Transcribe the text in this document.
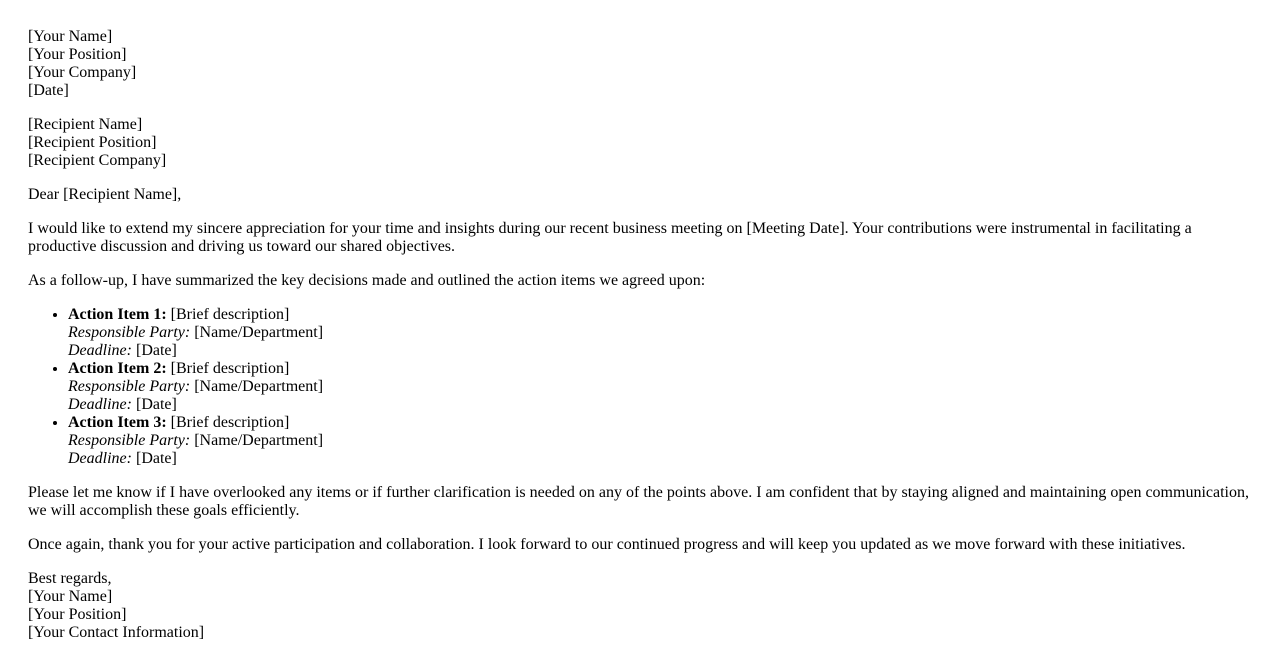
[Your Name]
[Your Position]
[Your Company]
[Date]

[Recipient Name]
[Recipient Position]
[Recipient Company]

Dear [Recipient Name],

I would like to extend my sincere appreciation for your time and insights during our recent business meeting on [Meeting Date]. Your contributions were instrumental in facilitating a productive discussion and driving us toward our shared objectives.

As a follow-up, I have summarized the key decisions made and outlined the action items we agreed upon:

• Action Item 1: [Brief description]
Responsible Party: [Name/Department]
Deadline: [Date]
• Action Item 2: [Brief description]
Responsible Party: [Name/Department]
Deadline: [Date]
• Action Item 3: [Brief description]
Responsible Party: [Name/Department]
Deadline: [Date]

Please let me know if I have overlooked any items or if further clarification is needed on any of the points above. I am confident that by staying aligned and maintaining open communication, we will accomplish these goals efficiently.

Once again, thank you for your active participation and collaboration. I look forward to our continued progress and will keep you updated as we move forward with these initiatives.

Best regards,
[Your Name]
[Your Position]
[Your Contact Information]
